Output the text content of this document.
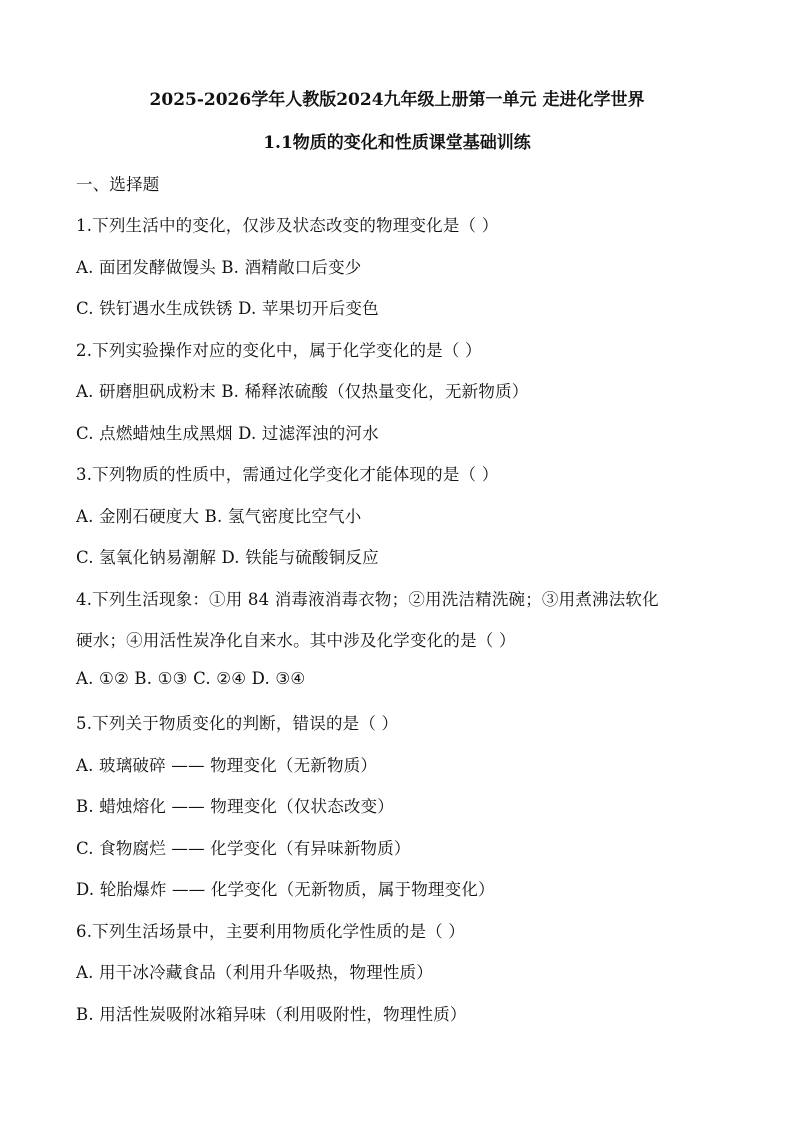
2025-2026学年人教版2024九年级上册第一单元 走进化学世界
1.1物质的变化和性质课堂基础训练
一、选择题
1.下列生活中的变化，仅涉及状态改变的物理变化是（ ）
A. 面团发酵做馒头 B. 酒精敞口后变少
C. 铁钉遇水生成铁锈 D. 苹果切开后变色
2.下列实验操作对应的变化中，属于化学变化的是（ ）
A. 研磨胆矾成粉末 B. 稀释浓硫酸（仅热量变化，无新物质）
C. 点燃蜡烛生成黑烟 D. 过滤浑浊的河水
3.下列物质的性质中，需通过化学变化才能体现的是（ ）
A. 金刚石硬度大 B. 氢气密度比空气小
C. 氢氧化钠易潮解 D. 铁能与硫酸铜反应
4.下列生活现象：①用 84 消毒液消毒衣物；②用洗洁精洗碗；③用煮沸法软化
硬水；④用活性炭净化自来水。其中涉及化学变化的是（ ）
A. ①② B. ①③ C. ②④ D. ③④
5.下列关于物质变化的判断，错误的是（ ）
A. 玻璃破碎 —— 物理变化（无新物质）
B. 蜡烛熔化 —— 物理变化（仅状态改变）
C. 食物腐烂 —— 化学变化（有异味新物质）
D. 轮胎爆炸 —— 化学变化（无新物质，属于物理变化）
6.下列生活场景中，主要利用物质化学性质的是（ ）
A. 用干冰冷藏食品（利用升华吸热，物理性质）
B. 用活性炭吸附冰箱异味（利用吸附性，物理性质）
